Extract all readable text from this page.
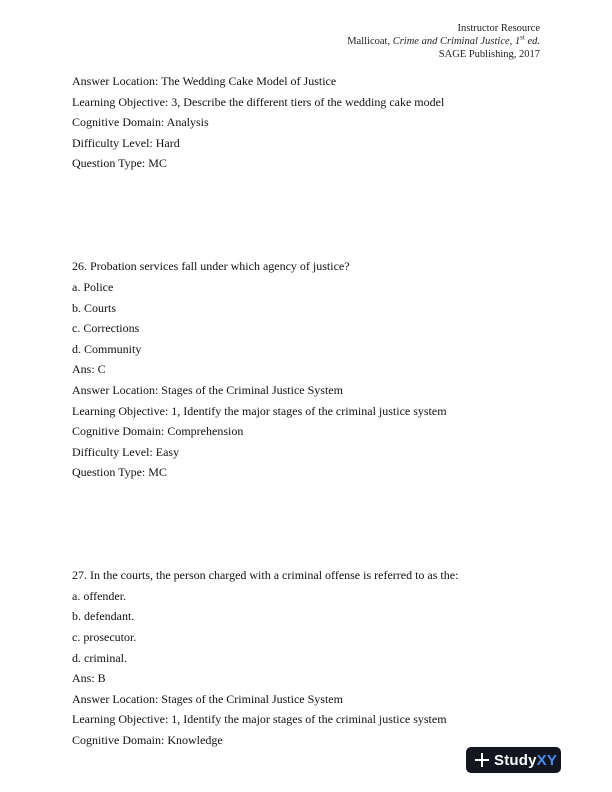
Instructor Resource
Mallicoat, Crime and Criminal Justice, 1st ed.
SAGE Publishing, 2017
Answer Location: The Wedding Cake Model of Justice
Learning Objective: 3, Describe the different tiers of the wedding cake model
Cognitive Domain: Analysis
Difficulty Level: Hard
Question Type: MC
26. Probation services fall under which agency of justice?
a. Police
b. Courts
c. Corrections
d. Community
Ans: C
Answer Location: Stages of the Criminal Justice System
Learning Objective: 1, Identify the major stages of the criminal justice system
Cognitive Domain: Comprehension
Difficulty Level: Easy
Question Type: MC
27. In the courts, the person charged with a criminal offense is referred to as the:
a. offender.
b. defendant.
c. prosecutor.
d. criminal.
Ans: B
Answer Location: Stages of the Criminal Justice System
Learning Objective: 1, Identify the major stages of the criminal justice system
Cognitive Domain: Knowledge
StudyXY
